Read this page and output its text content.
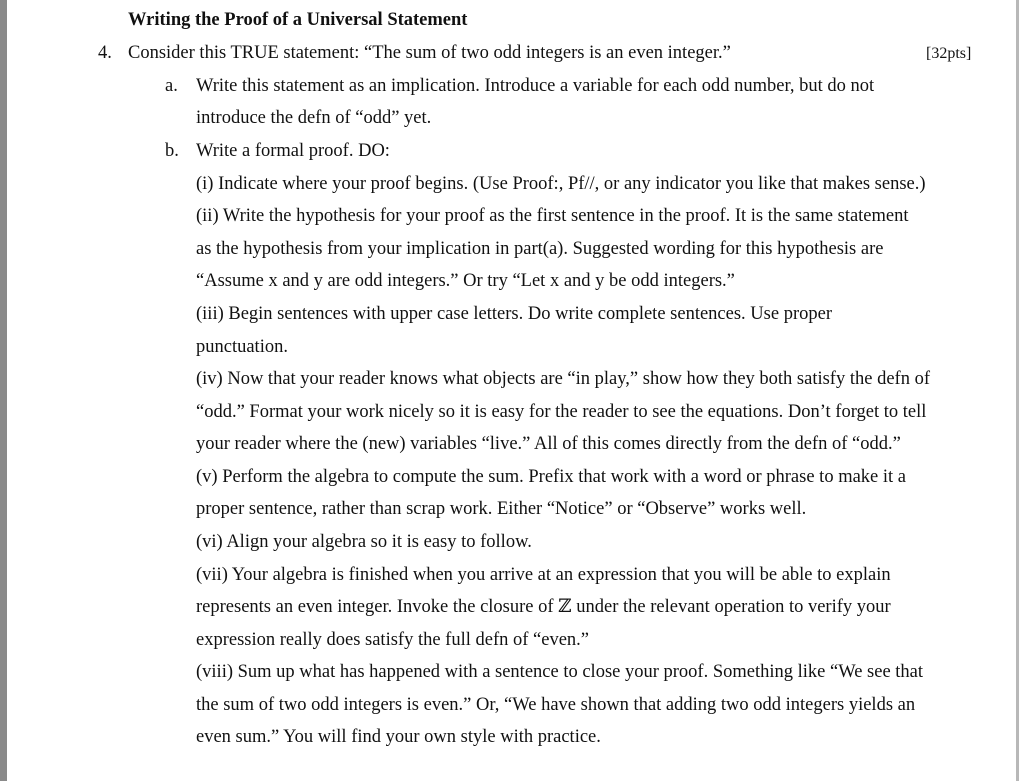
Writing the Proof of a Universal Statement
4. Consider this TRUE statement: “The sum of two odd integers is an even integer.”	[32pts]
a. Write this statement as an implication. Introduce a variable for each odd number, but do not
introduce the defn of “odd” yet.
b. Write a formal proof. DO:
(i) Indicate where your proof begins. (Use Proof:, Pf//, or any indicator you like that makes sense.)
(ii) Write the hypothesis for your proof as the first sentence in the proof. It is the same statement
as the hypothesis from your implication in part(a). Suggested wording for this hypothesis are
“Assume x and y are odd integers.” Or try “Let x and y be odd integers.”
(iii) Begin sentences with upper case letters. Do write complete sentences. Use proper
punctuation.
(iv) Now that your reader knows what objects are “in play,” show how they both satisfy the defn of
“odd.” Format your work nicely so it is easy for the reader to see the equations. Don’t forget to tell
your reader where the (new) variables “live.” All of this comes directly from the defn of “odd.”
(v) Perform the algebra to compute the sum. Prefix that work with a word or phrase to make it a
proper sentence, rather than scrap work. Either “Notice” or “Observe” works well.
(vi) Align your algebra so it is easy to follow.
(vii) Your algebra is finished when you arrive at an expression that you will be able to explain
represents an even integer. Invoke the closure of ℤ under the relevant operation to verify your
expression really does satisfy the full defn of “even.”
(viii) Sum up what has happened with a sentence to close your proof. Something like “We see that
the sum of two odd integers is even.” Or, “We have shown that adding two odd integers yields an
even sum.” You will find your own style with practice.
